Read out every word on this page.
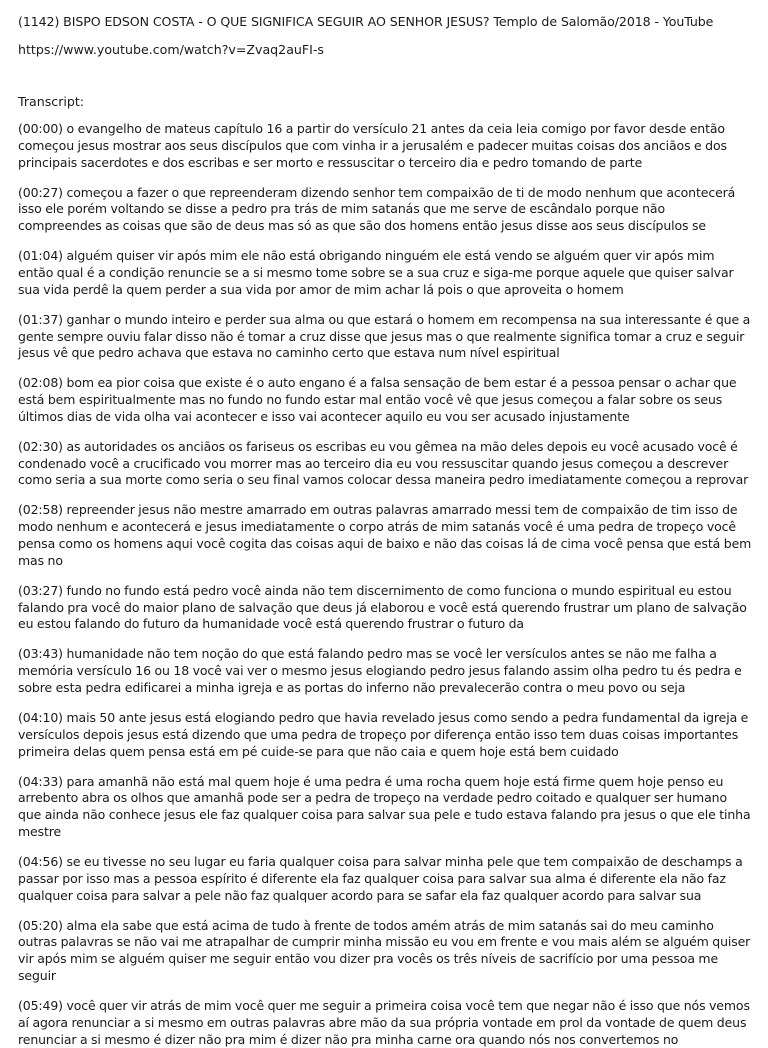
(1142) BISPO EDSON COSTA - O QUE SIGNIFICA SEGUIR AO SENHOR JESUS? Templo de Salomão/2018 - YouTube

https://www.youtube.com/watch?v=Zvaq2auFI-s

Transcript:

(00:00) o evangelho de mateus capítulo 16 a partir do versículo 21 antes da ceia leia comigo por favor desde então começou jesus mostrar aos seus discípulos que com vinha ir a jerusalém e padecer muitas coisas dos anciãos e dos principais sacerdotes e dos escribas e ser morto e ressuscitar o terceiro dia e pedro tomando de parte

(00:27) começou a fazer o que repreenderam dizendo senhor tem compaixão de ti de modo nenhum que acontecerá isso ele porém voltando se disse a pedro pra trás de mim satanás que me serve de escândalo porque não compreendes as coisas que são de deus mas só as que são dos homens então jesus disse aos seus discípulos se

(01:04) alguém quiser vir após mim ele não está obrigando ninguém ele está vendo se alguém quer vir após mim então qual é a condição renuncie se a si mesmo tome sobre se a sua cruz e siga-me porque aquele que quiser salvar sua vida perdê la quem perder a sua vida por amor de mim achar lá pois o que aproveita o homem

(01:37) ganhar o mundo inteiro e perder sua alma ou que estará o homem em recompensa na sua interessante é que a gente sempre ouviu falar disso não é tomar a cruz disse que jesus mas o que realmente significa tomar a cruz e seguir jesus vê que pedro achava que estava no caminho certo que estava num nível espiritual

(02:08) bom ea pior coisa que existe é o auto engano é a falsa sensação de bem estar é a pessoa pensar o achar que está bem espiritualmente mas no fundo no fundo estar mal então você vê que jesus começou a falar sobre os seus últimos dias de vida olha vai acontecer e isso vai acontecer aquilo eu vou ser acusado injustamente

(02:30) as autoridades os anciãos os fariseus os escribas eu vou gêmea na mão deles depois eu você acusado você é condenado você a crucificado vou morrer mas ao terceiro dia eu vou ressuscitar quando jesus começou a descrever como seria a sua morte como seria o seu final vamos colocar dessa maneira pedro imediatamente começou a reprovar

(02:58) repreender jesus não mestre amarrado em outras palavras amarrado messi tem de compaixão de tim isso de modo nenhum e acontecerá e jesus imediatamente o corpo atrás de mim satanás você é uma pedra de tropeço você pensa como os homens aqui você cogita das coisas aqui de baixo e não das coisas lá de cima você pensa que está bem mas no

(03:27) fundo no fundo está pedro você ainda não tem discernimento de como funciona o mundo espiritual eu estou falando pra você do maior plano de salvação que deus já elaborou e você está querendo frustrar um plano de salvação eu estou falando do futuro da humanidade você está querendo frustrar o futuro da

(03:43) humanidade não tem noção do que está falando pedro mas se você ler versículos antes se não me falha a memória versículo 16 ou 18 você vai ver o mesmo jesus elogiando pedro jesus falando assim olha pedro tu és pedra e sobre esta pedra edificarei a minha igreja e as portas do inferno não prevalecerão contra o meu povo ou seja

(04:10) mais 50 ante jesus está elogiando pedro que havia revelado jesus como sendo a pedra fundamental da igreja e versículos depois jesus está dizendo que uma pedra de tropeço por diferença então isso tem duas coisas importantes primeira delas quem pensa está em pé cuide-se para que não caia e quem hoje está bem cuidado

(04:33) para amanhã não está mal quem hoje é uma pedra é uma rocha quem hoje está firme quem hoje penso eu arrebento abra os olhos que amanhã pode ser a pedra de tropeço na verdade pedro coitado e qualquer ser humano que ainda não conhece jesus ele faz qualquer coisa para salvar sua pele e tudo estava falando pra jesus o que ele tinha mestre

(04:56) se eu tivesse no seu lugar eu faria qualquer coisa para salvar minha pele que tem compaixão de deschamps a passar por isso mas a pessoa espírito é diferente ela faz qualquer coisa para salvar sua alma é diferente ela não faz qualquer coisa para salvar a pele não faz qualquer acordo para se safar ela faz qualquer acordo para salvar sua

(05:20) alma ela sabe que está acima de tudo à frente de todos amém atrás de mim satanás sai do meu caminho outras palavras se não vai me atrapalhar de cumprir minha missão eu vou em frente e vou mais além se alguém quiser vir após mim se alguém quiser me seguir então vou dizer pra vocês os três níveis de sacrifício por uma pessoa me seguir

(05:49) você quer vir atrás de mim você quer me seguir a primeira coisa você tem que negar não é isso que nós vemos aí agora renunciar a si mesmo em outras palavras abre mão da sua própria vontade em prol da vontade de quem deus renunciar a si mesmo é dizer não pra mim é dizer não pra minha carne ora quando nós nos convertemos no
